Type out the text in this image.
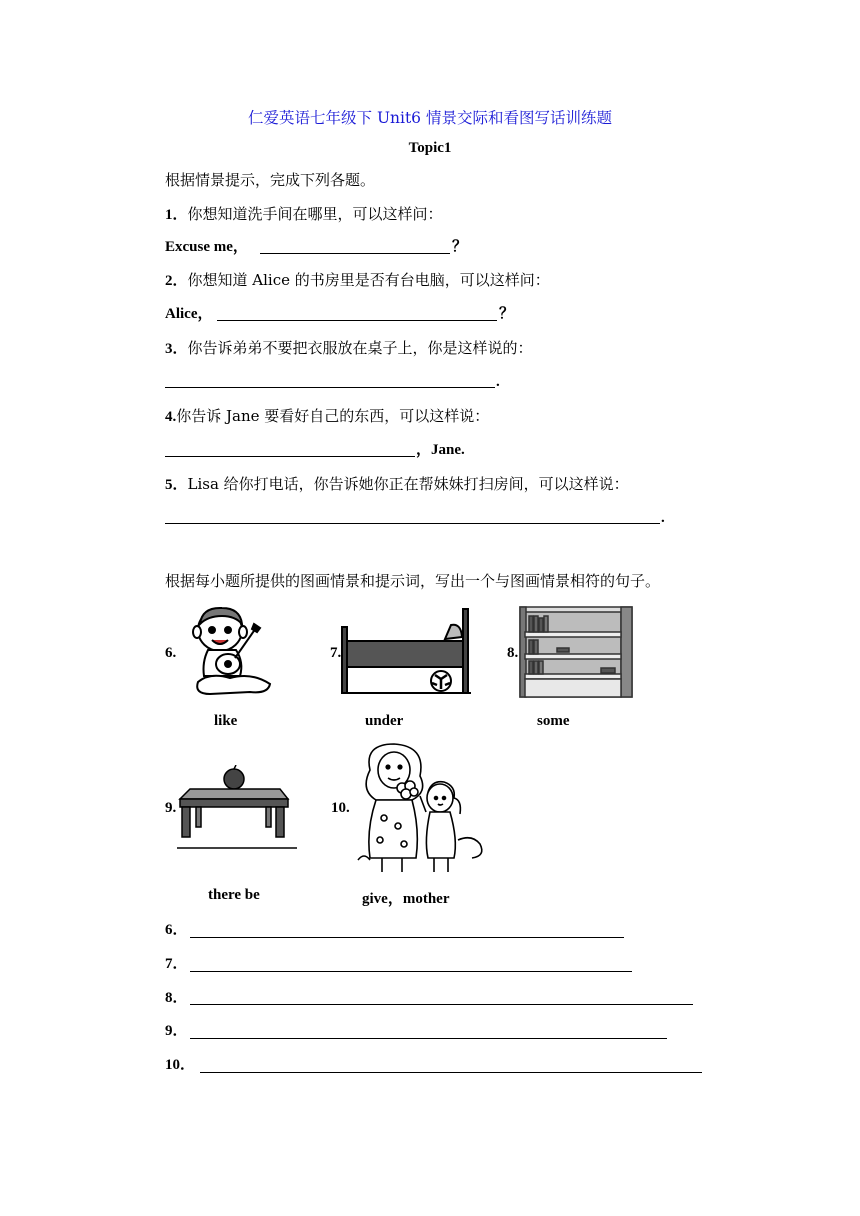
仁爱英语七年级下 Unit6 情景交际和看图写话训练题
Topic1
根据情景提示，完成下列各题。
1．你想知道洗手间在哪里，可以这样问：
Excuse me，	？
2．你想知道 Alice 的书房里是否有台电脑，可以这样问：
Alice，	？
3．你告诉弟弟不要把衣服放在桌子上，你是这样说的：
.
4.你告诉 Jane 要看好自己的东西，可以这样说：
，Jane.
5．Lisa 给你打电话，你告诉她你正在帮妹妹打扫房间，可以这样说：
.
根据每小题所提供的图画情景和提示词，写出一个与图画情景相符的句子。
6.
like
7.
under
8.
some
9.
there be
10.
give，mother
6．
7．
8．
9．
10．
